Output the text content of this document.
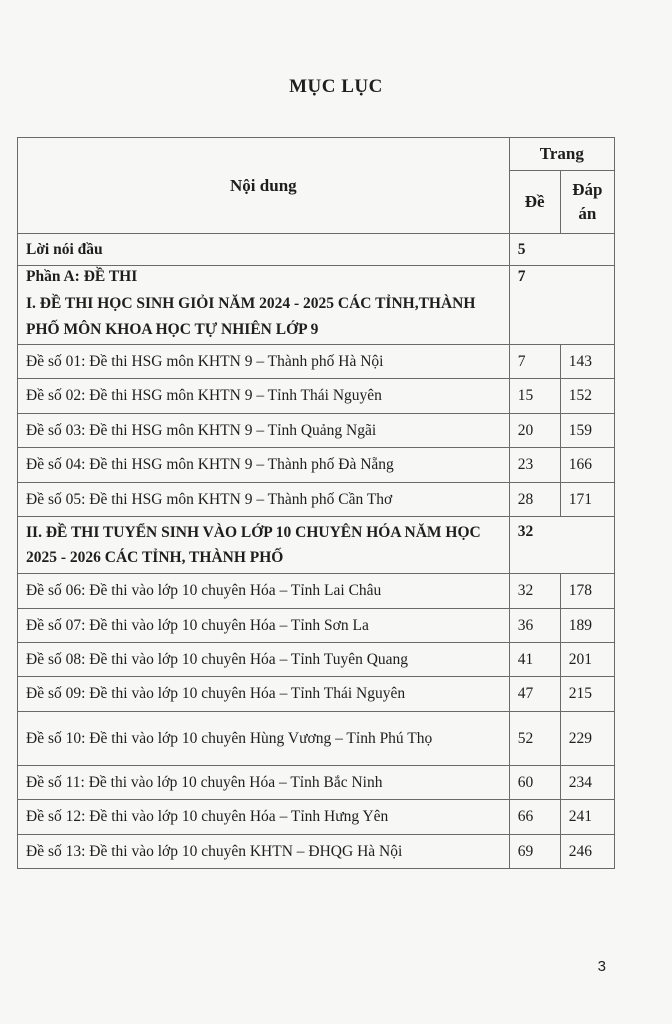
MỤC LỤC
Nội dung	Trang	
	Đề	Đáp án
Lời nói đầu	5	
Phần A: ĐỀ THI	7	
I. ĐỀ THI HỌC SINH GIỎI NĂM 2024 - 2025 CÁC TỈNH,THÀNH PHỐ MÔN KHOA HỌC TỰ NHIÊN LỚP 9		
Đề số 01: Đề thi HSG môn KHTN 9 – Thành phố Hà Nội	7	143
Đề số 02: Đề thi HSG môn KHTN 9 – Tỉnh Thái Nguyên	15	152
Đề số 03: Đề thi HSG môn KHTN 9 – Tỉnh Quảng Ngãi	20	159
Đề số 04: Đề thi HSG môn KHTN 9 – Thành phố Đà Nẵng	23	166
Đề số 05: Đề thi HSG môn KHTN 9 – Thành phố Cần Thơ	28	171
II. ĐỀ THI TUYỂN SINH VÀO LỚP 10 CHUYÊN HÓA NĂM HỌC 2025 - 2026 CÁC TỈNH, THÀNH PHỐ	32	
Đề số 06: Đề thi vào lớp 10 chuyên Hóa – Tỉnh Lai Châu	32	178
Đề số 07: Đề thi vào lớp 10 chuyên Hóa – Tỉnh Sơn La	36	189
Đề số 08: Đề thi vào lớp 10 chuyên Hóa – Tỉnh Tuyên Quang	41	201
Đề số 09: Đề thi vào lớp 10 chuyên Hóa – Tỉnh Thái Nguyên	47	215
Đề số 10: Đề thi vào lớp 10 chuyên Hùng Vương – Tỉnh Phú Thọ	52	229
Đề số 11: Đề thi vào lớp 10 chuyên Hóa – Tỉnh Bắc Ninh	60	234
Đề số 12: Đề thi vào lớp 10 chuyên Hóa – Tỉnh Hưng Yên	66	241
Đề số 13: Đề thi vào lớp 10 chuyên KHTN – ĐHQG Hà Nội	69	246
3
